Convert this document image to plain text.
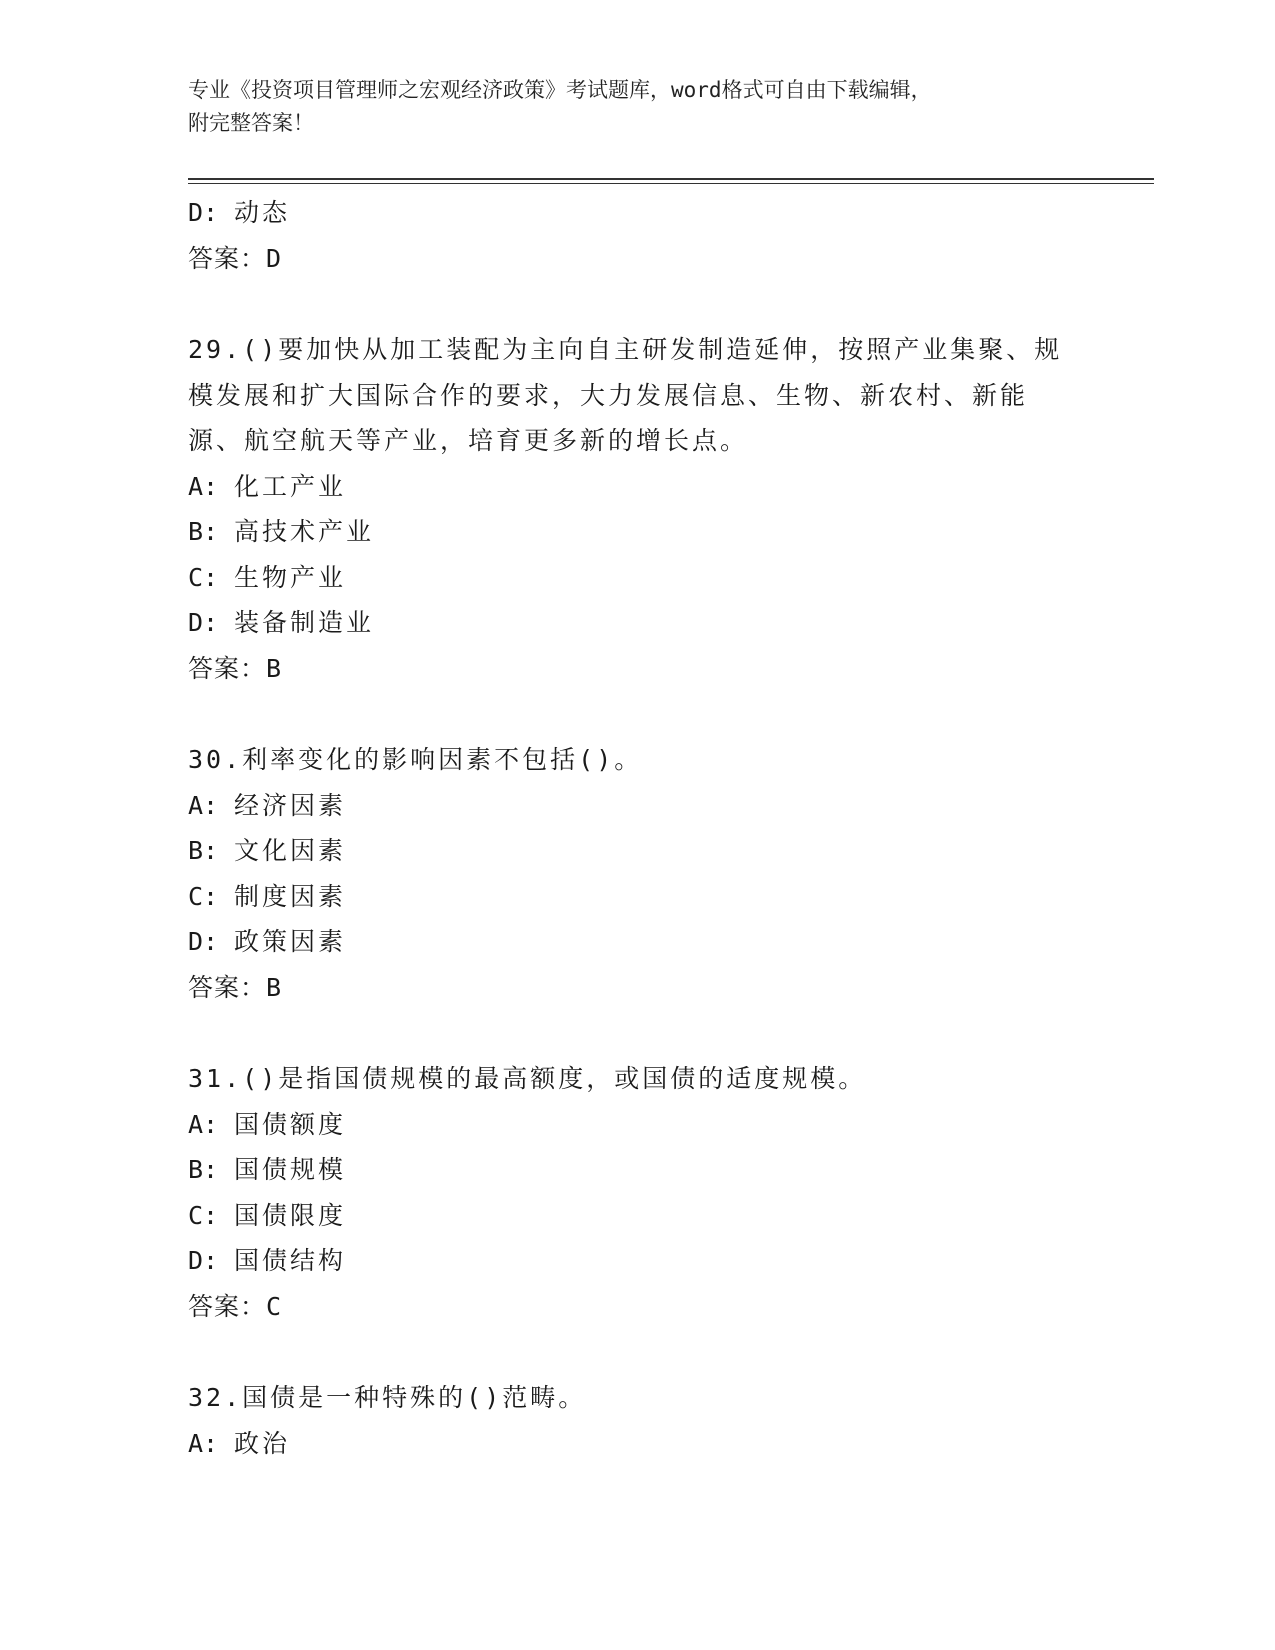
专业《投资项目管理师之宏观经济政策》考试题库，word格式可自由下载编辑，
附完整答案！
D: 动态
答案：D
29.()要加快从加工装配为主向自主研发制造延伸，按照产业集聚、规
模发展和扩大国际合作的要求，大力发展信息、生物、新农村、新能
源、航空航天等产业，培育更多新的增长点。
A: 化工产业
B: 高技术产业
C: 生物产业
D: 装备制造业
答案：B
30.利率变化的影响因素不包括()。
A: 经济因素
B: 文化因素
C: 制度因素
D: 政策因素
答案：B
31.()是指国债规模的最高额度，或国债的适度规模。
A: 国债额度
B: 国债规模
C: 国债限度
D: 国债结构
答案：C
32.国债是一种特殊的()范畴。
A: 政治
